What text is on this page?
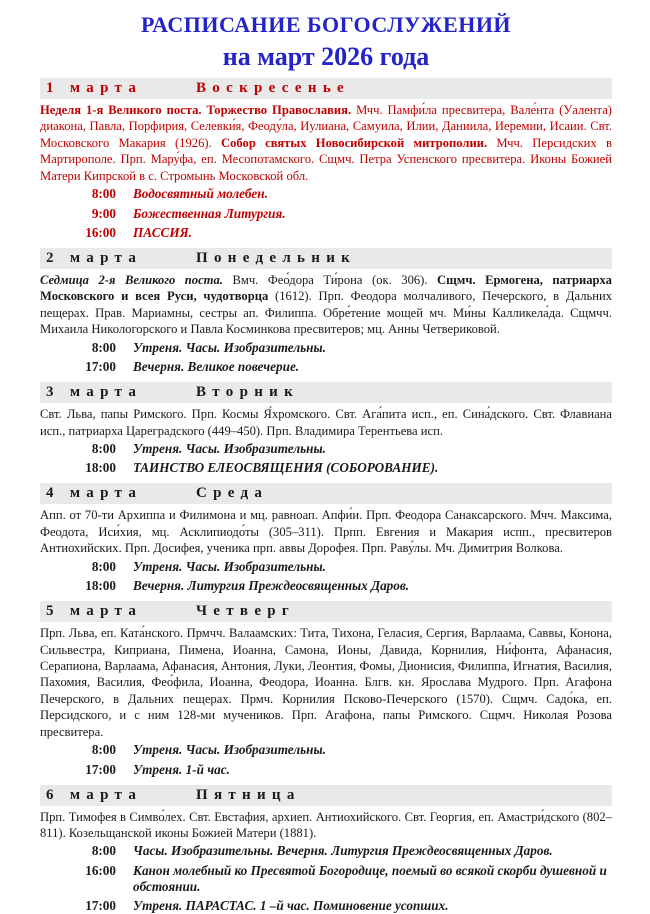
РАСПИСАНИЕ БОГОСЛУЖЕНИЙ
на март 2026 года
1 марта	Воскресенье

Неделя 1-я Великого поста. Торжество Православия. Мчч. Памфи́ла пресвитера, Вале́нта (Уалента) диакона, Павла, Порфирия, Селевки́я, Феоду́ла, Иулиана, Самуила, Илии, Даниила, Иеремии, Исаии. Свт. Московского Макария (1926). Собор святых Новосибирской митрополии. Мчч. Персидских в Мартирополе. Прп. Мару́фа, еп. Месопотамского. Сщмч. Петра Успенского пресвитера. Иконы Божией Матери Кипрской в с. Стромынь Московской обл.

8:00 Водосвятный молебен.
9:00 Божественная Литургия.
16:00 ПАССИЯ.
2 марта	Понедельник

Седмица 2-я Великого поста. Вмч. Фео́дора Ти́рона (ок. 306). Сщмч. Ермогена, патриарха Московского и всея Руси, чудотворца (1612). Прп. Феодора молчаливого, Печерского, в Дальних пещерах. Прав. Мариамны, сестры ап. Филиппа. Обре́тение мощей мч. Ми́ны Калликела́да. Сщмчч. Михаила Никологорского и Павла Косминкова пресвитеров; мц. Анны Четвериковой.

8:00 Утреня. Часы. Изобразительны.
17:00 Вечерня. Великое повечерие.
3 марта	Вторник

Свт. Льва, папы Римского. Прп. Космы Я́хромского. Свт. Ага́пита исп., еп. Сина́дского. Свт. Флавиана исп., патриарха Цареградского (449–450). Прп. Владимира Терентьева исп.

8:00 Утреня. Часы. Изобразительны.
18:00 ТАИНСТВО ЕЛЕОСВЯЩЕНИЯ (СОБОРОВАНИЕ).
4 марта	Среда

Апп. от 70-ти Архиппа и Филимона и мц. равноап. Апфи́и. Прп. Феодора Санаксарского. Мчч. Максима, Феодота, Иси́хия, мц. Асклипиодо́ты (305–311). Прпп. Евгения и Макария испп., пресвитеров Антиохийских. Прп. Досифея, ученика прп. аввы Дорофея. Прп. Раву́лы. Мч. Димитрия Волкова.

8:00 Утреня. Часы. Изобразительны.
18:00 Вечерня. Литургия Преждеосвященных Даров.
5 марта	Четверг

Прп. Льва, еп. Ката́нского. Прмчч. Валаамских: Тита, Тихона, Геласия, Сергия, Варлаама, Саввы, Конона, Сильвестра, Киприана, Пимена, Иоанна, Самона, Ионы, Давида, Корнилия, Ни́фонта, Афанасия, Серапиона, Варлаама, Афанасия, Антония, Луки, Леонтия, Фомы, Дионисия, Филиппа, Игнатия, Василия, Пахомия, Василия, Фео́фила, Иоанна, Феодора, Иоанна. Блгв. кн. Ярослава Мудрого. Прп. Агафона Печерского, в Дальних пещерах. Прмч. Корнилия Псково-Печерского (1570). Сщмч. Садо́ка, еп. Персидского, и с ним 128-ми мучеников. Прп. Агафона, папы Римского. Сщмч. Николая Розова пресвитера.

8:00 Утреня. Часы. Изобразительны.
17:00 Утреня. 1-й час.
6 марта	Пятница

Прп. Тимофея в Симво́лех. Свт. Евстафия, архиеп. Антиохийского. Свт. Георгия, еп. Амастри́дского (802–811). Козельщанской иконы Божией Матери (1881).

8:00 Часы. Изобразительны. Вечерня. Литургия Преждеосвященных Даров.
16:00 Канон молебный ко Пресвятой Богородице, поемый во всякой скорби душевной и обстоянии.
17:00 Утреня. ПАРАСТАС. 1 –й час. Поминовение усопших.
